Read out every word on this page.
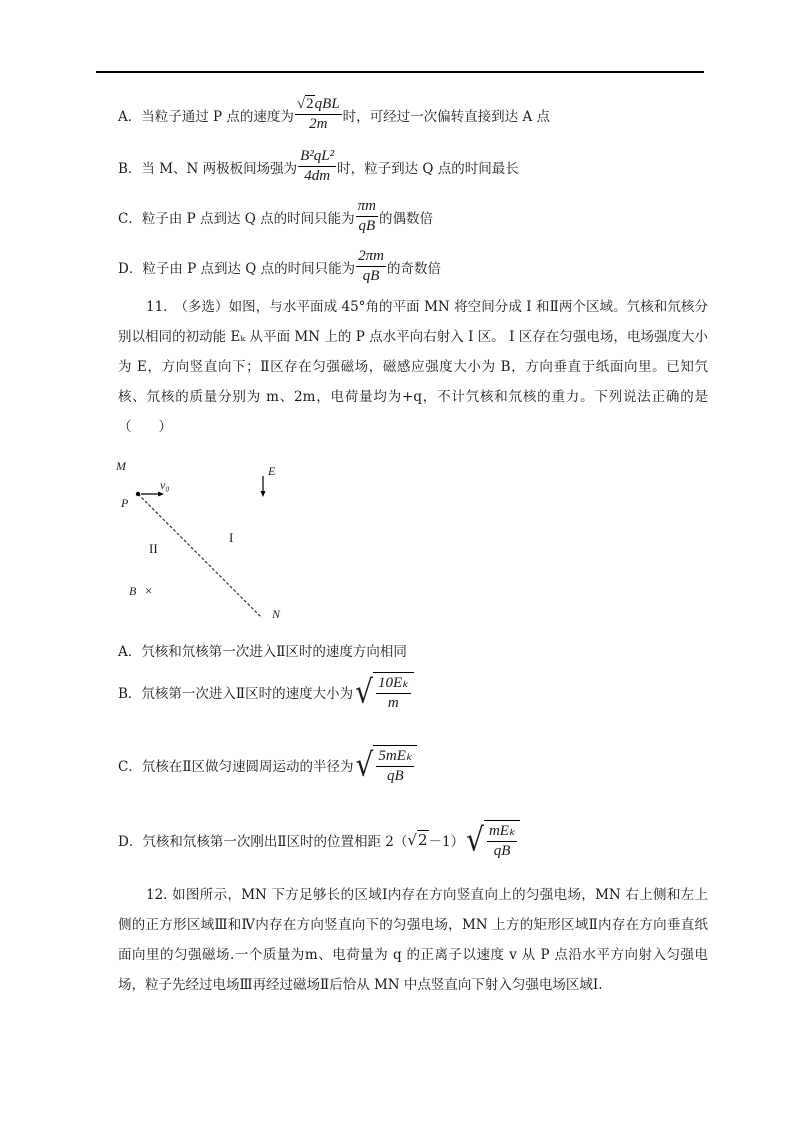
A．当粒子通过 P 点的速度为 $\frac{\text{√2qBL}}{2m}$ 时，可经过一次偏转直接到达 A 点
B．当 M、N 两极板间场强为 $\frac{\text{B²qL²}}{4dm}$ 时，粒子到达 Q 点的时间最长
C．粒子由 P 点到达 Q 点的时间只能为 $\frac{\pi m}{qB}$ 的偶数倍
D．粒子由 P 点到达 Q 点的时间只能为 $\frac{2\pi m}{qB}$ 的奇数倍
11.　（多选）如图，与水平面成 45°角的平面 MN 将空间分成 Ⅰ 和Ⅱ两个区域。氕核和氘核分别以相同的初动能 Eₖ 从平面 MN 上的 P 点水平向右射入 Ⅰ 区。 Ⅰ 区存在匀强电场，电场强度大小为 E，方向竖直向下；Ⅱ区存在匀强磁场，磁感应强度大小为 B，方向垂直于纸面向里。已知氕核、氘核的质量分别为 m、2m，电荷量均为+q，不计氕核和氘核的重力。下列说法正确的是（　　）
M
P
v₀
E
I
II
B ×
N
A．氕核和氘核第一次进入Ⅱ区时的速度方向相同
B．氘核第一次进入Ⅱ区时的速度大小为 √ $\frac{\text{10Eₖ}}{m}$
C．氘核在Ⅱ区做匀速圆周运动的半径为 √ $\frac{\text{5mEₖ}}{qB}$
D．氕核和氘核第一次刚出Ⅱ区时的位置相距 2（ √2 －1） √ $\frac{\text{mEₖ}}{qB}$
12. 如图所示，MN 下方足够长的区域Ⅰ内存在方向竖直向上的匀强电场，MN 右上侧和左上侧的正方形区域Ⅲ和Ⅳ内存在方向竖直向下的匀强电场，MN 上方的矩形区域Ⅱ内存在方向垂直纸面向里的匀强磁场.一个质量为m、电荷量为 q 的正离子以速度 v 从 P 点沿水平方向射入匀强电场，粒子先经过电场Ⅲ再经过磁场Ⅱ后恰从 MN 中点竖直向下射入匀强电场区域Ⅰ.
